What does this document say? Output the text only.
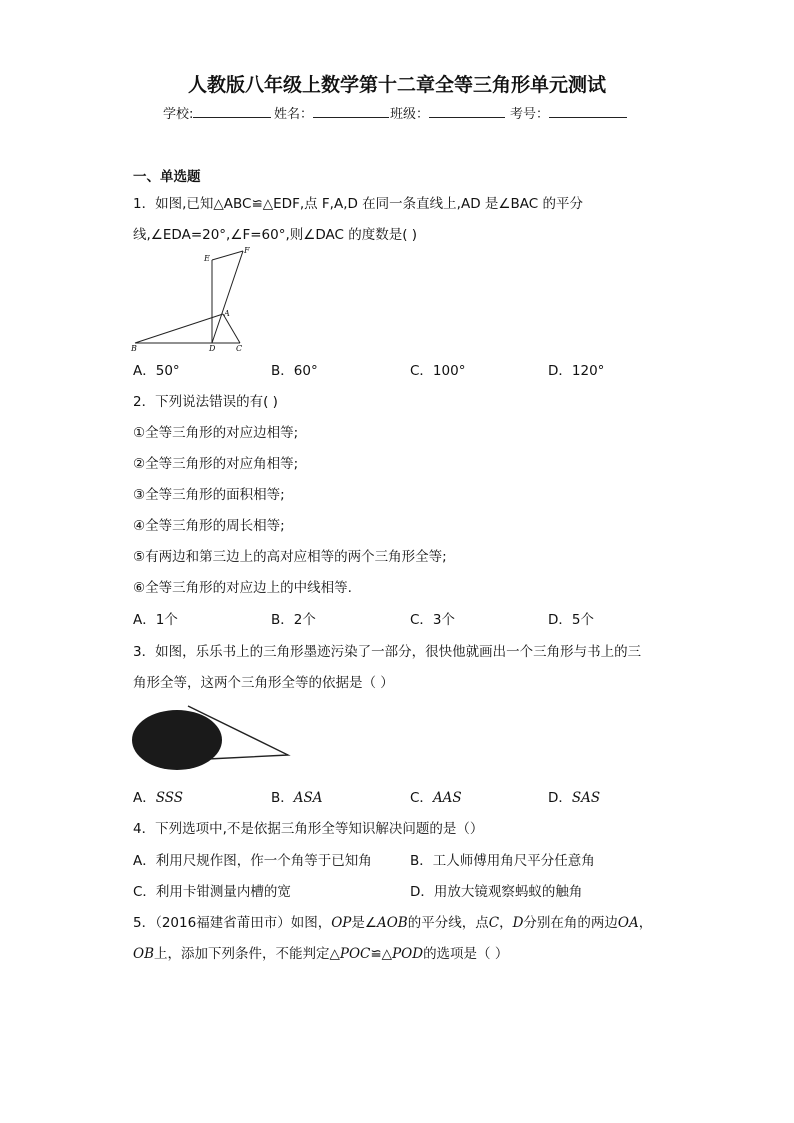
人教版八年级上数学第十二章全等三角形单元测试
学校:	姓名：	班级：	考号：
一、单选题
1．如图,已知△ABC≌△EDF,点 F,A,D 在同一条直线上,AD 是∠BAC 的平分
线,∠EDA=20°,∠F=60°,则∠DAC 的度数是( )
E
F
A
B	D	C
A．50°	B．60°	C．100°	D．120°
2．下列说法错误的有( )
①全等三角形的对应边相等;
②全等三角形的对应角相等;
③全等三角形的面积相等;
④全等三角形的周长相等;
⑤有两边和第三边上的高对应相等的两个三角形全等;
⑥全等三角形的对应边上的中线相等.
A．1个	B．2个	C．3个	D．5个
3．如图，乐乐书上的三角形墨迹污染了一部分，很快他就画出一个三角形与书上的三
角形全等，这两个三角形全等的依据是（ ）
A．SSS	B．ASA	C．AAS	D．SAS
4．下列选项中,不是依据三角形全等知识解决问题的是（）
A．利用尺规作图，作一个角等于已知角	B．工人师傅用角尺平分任意角
C．利用卡钳测量内槽的宽	D．用放大镜观察蚂蚁的触角
5．（2016福建省莆田市）如图，OP是∠AOB的平分线，点C，D分别在角的两边OA，
OB上，添加下列条件，不能判定△POC≌△POD的选项是（ ）
